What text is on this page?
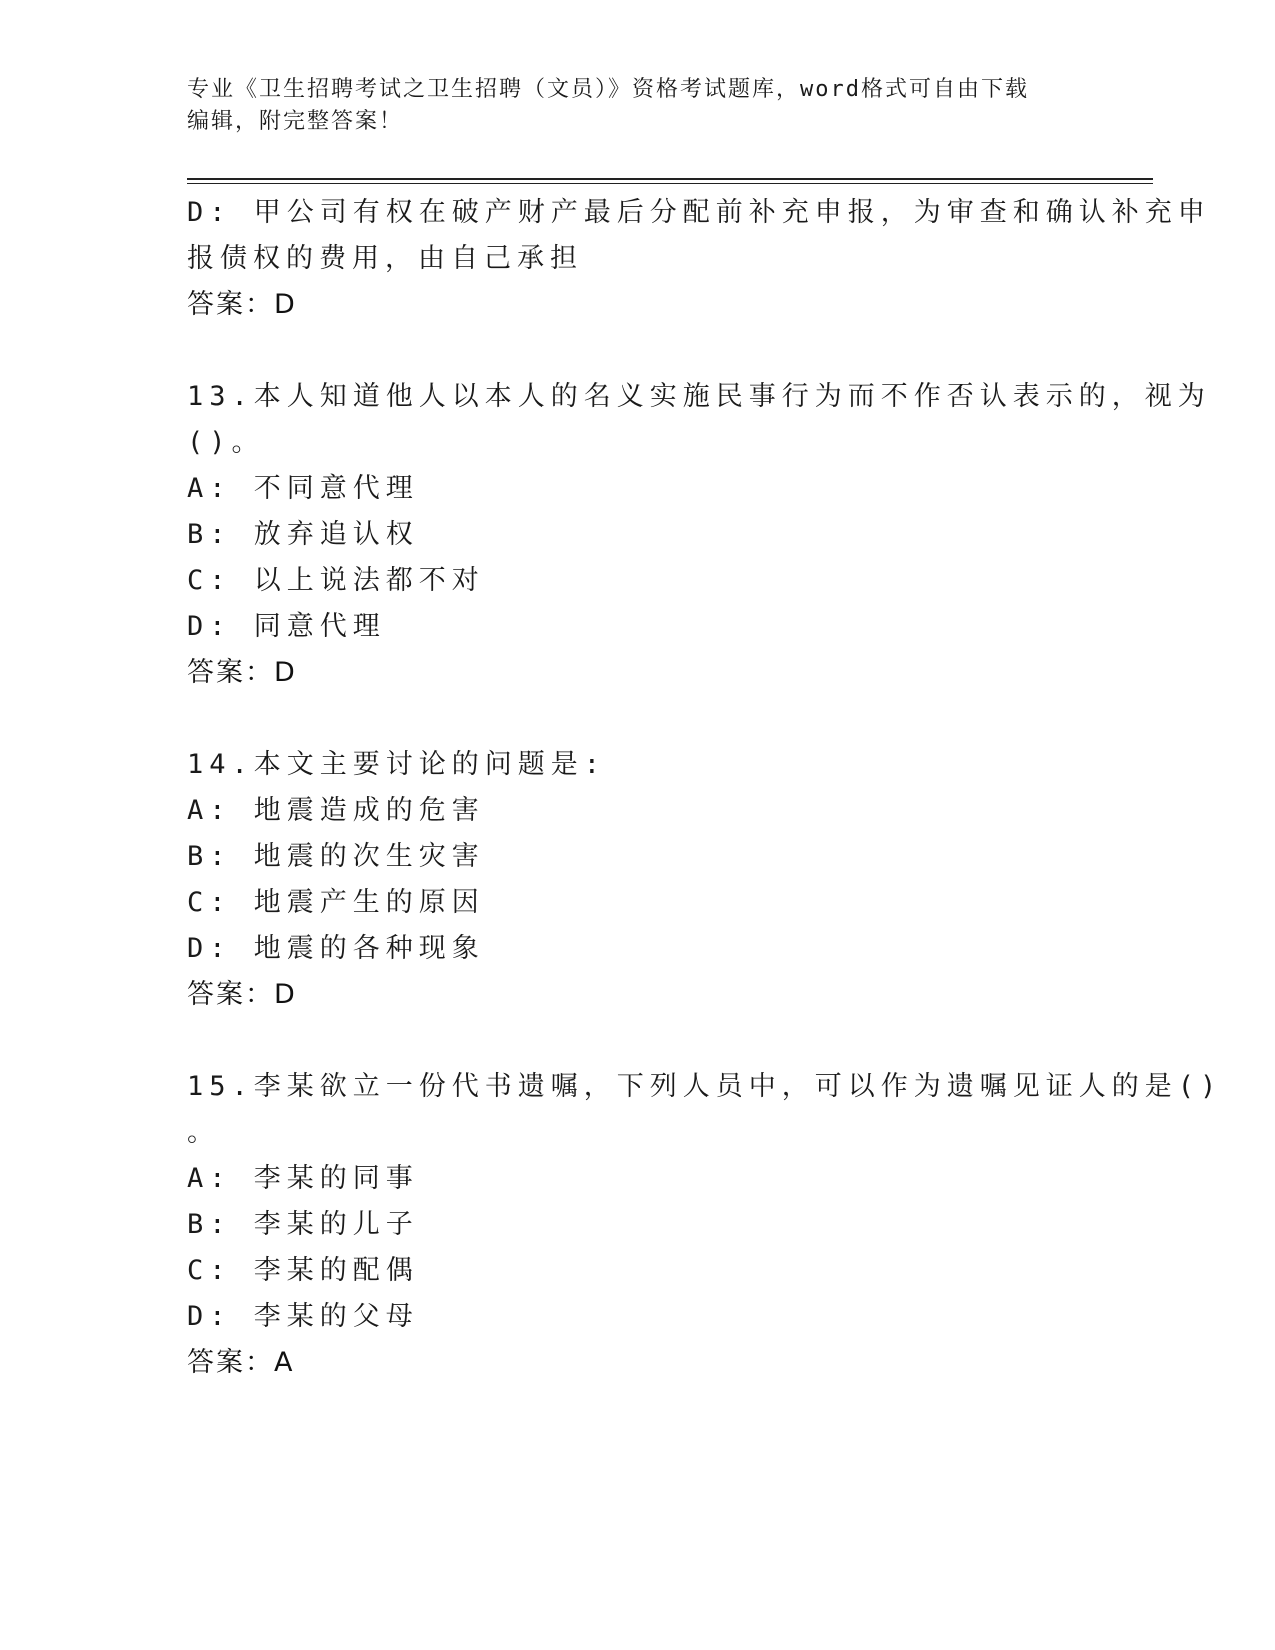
专业《卫生招聘考试之卫生招聘（文员）》资格考试题库，word格式可自由下载
编辑，附完整答案！
D: 甲公司有权在破产财产最后分配前补充申报，为审查和确认补充申
报债权的费用，由自己承担
答案：D
13.本人知道他人以本人的名义实施民事行为而不作否认表示的，视为
()。
A: 不同意代理
B: 放弃追认权
C: 以上说法都不对
D: 同意代理
答案：D
14.本文主要讨论的问题是:
A: 地震造成的危害
B: 地震的次生灾害
C: 地震产生的原因
D: 地震的各种现象
答案：D
15.李某欲立一份代书遗嘱，下列人员中，可以作为遗嘱见证人的是()
。
A: 李某的同事
B: 李某的儿子
C: 李某的配偶
D: 李某的父母
答案：A
